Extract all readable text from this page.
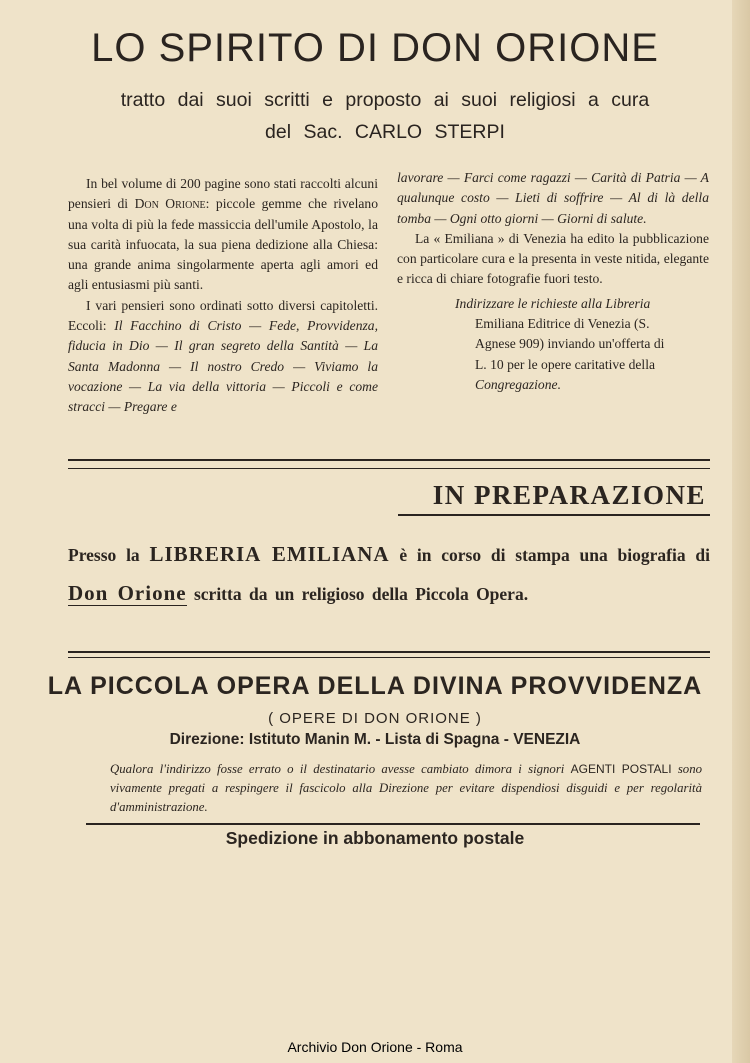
LO SPIRITO DI DON ORIONE
tratto dai suoi scritti e proposto ai suoi religiosi a cura
del Sac. CARLO STERPI

In bel volume di 200 pagine sono stati raccolti alcuni pensieri di Don Orione: piccole gemme che rivelano una volta di più la fede massiccia dell'umile Apostolo, la sua carità infuocata, la sua piena dedizione alla Chiesa: una grande anima singolarmente aperta agli amori ed agli entusiasmi più santi.

I vari pensieri sono ordinati sotto diversi capitoletti. Eccoli: Il Facchino di Cristo — Fede, Provvidenza, fiducia in Dio — Il gran segreto della Santità — La Santa Madonna — Il nostro Credo — Viviamo la vocazione — La via della vittoria — Piccoli e come stracci — Pregare e

lavorare — Farci come ragazzi — Carità di Patria — A qualunque costo — Lieti di soffrire — Al di là della tomba — Ogni otto giorni — Giorni di salute.

La « Emiliana » di Venezia ha edito la pubblicazione con particolare cura e la presenta in veste nitida, elegante e ricca di chiare fotografie fuori testo.

Indirizzare le richieste alla Libreria
Emiliana Editrice di Venezia (S.
Agnese 909) inviando un'offerta di
L. 10 per le opere caritative della
Congregazione.
IN PREPARAZIONE
Presso la LIBRERIA EMILIANA è in corso di stampa una biografia di Don Orione scritta da un religioso della Piccola Opera.
LA PICCOLA OPERA DELLA DIVINA PROVVIDENZA
( OPERE DI DON ORIONE )
Direzione: Istituto Manin M. - Lista di Spagna - VENEZIA
Qualora l'indirizzo fosse errato o il destinatario avesse cambiato dimora i signori AGENTI POSTALI sono vivamente pregati a respingere il fascicolo alla Direzione per evitare dispendiosi disguidi e per regolarità d'amministrazione.
Spedizione in abbonamento postale
Archivio Don Orione - Roma
